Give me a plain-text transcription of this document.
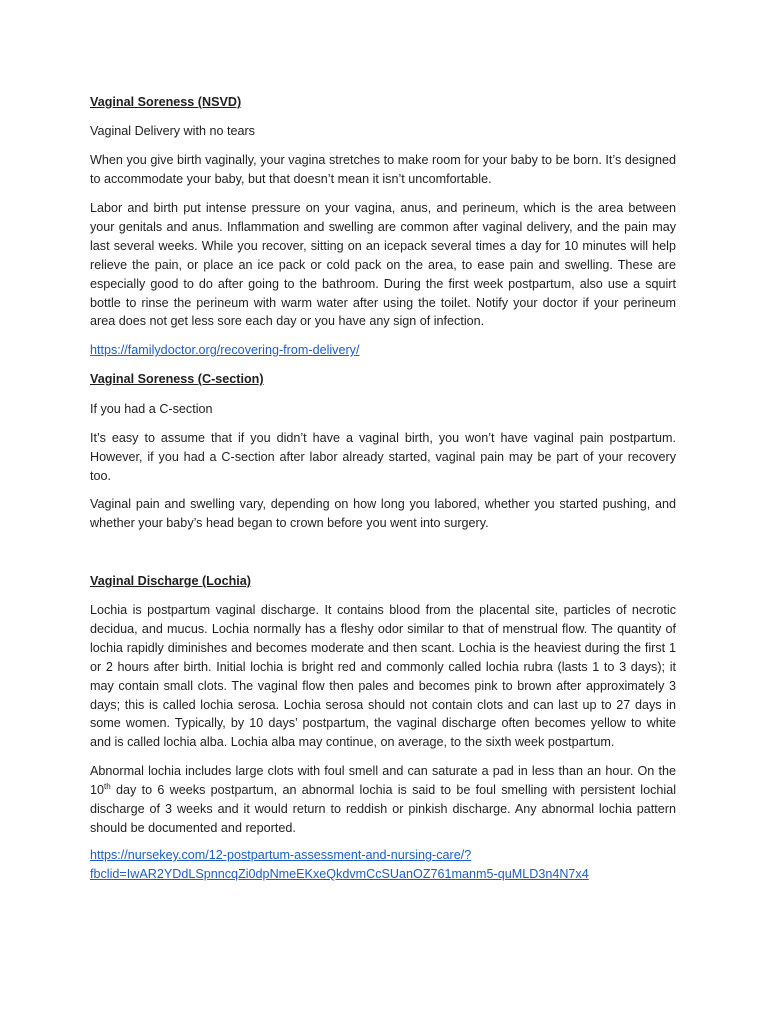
Vaginal Soreness (NSVD)
Vaginal Delivery with no tears
When you give birth vaginally, your vagina stretches to make room for your baby to be born. It’s designed to accommodate your baby, but that doesn’t mean it isn’t uncomfortable.
Labor and birth put intense pressure on your vagina, anus, and perineum, which is the area between your genitals and anus. Inflammation and swelling are common after vaginal delivery, and the pain may last several weeks. While you recover, sitting on an icepack several times a day for 10 minutes will help relieve the pain, or place an ice pack or cold pack on the area, to ease pain and swelling. These are especially good to do after going to the bathroom. During the first week postpartum, also use a squirt bottle to rinse the perineum with warm water after using the toilet. Notify your doctor if your perineum area does not get less sore each day or you have any sign of infection.
https://familydoctor.org/recovering-from-delivery/
Vaginal Soreness (C-section)
If you had a C-section
It’s easy to assume that if you didn’t have a vaginal birth, you won’t have vaginal pain postpartum. However, if you had a C-section after labor already started, vaginal pain may be part of your recovery too.
Vaginal pain and swelling vary, depending on how long you labored, whether you started pushing, and whether your baby’s head began to crown before you went into surgery.
Vaginal Discharge (Lochia)
Lochia is postpartum vaginal discharge. It contains blood from the placental site, particles of necrotic decidua, and mucus. Lochia normally has a fleshy odor similar to that of menstrual flow. The quantity of lochia rapidly diminishes and becomes moderate and then scant. Lochia is the heaviest during the first 1 or 2 hours after birth. Initial lochia is bright red and commonly called lochia rubra (lasts 1 to 3 days); it may contain small clots. The vaginal flow then pales and becomes pink to brown after approximately 3 days; this is called lochia serosa. Lochia serosa should not contain clots and can last up to 27 days in some women. Typically, by 10 days’ postpartum, the vaginal discharge often becomes yellow to white and is called lochia alba. Lochia alba may continue, on average, to the sixth week postpartum.
Abnormal lochia includes large clots with foul smell and can saturate a pad in less than an hour. On the 10th day to 6 weeks postpartum, an abnormal lochia is said to be foul smelling with persistent lochial discharge of 3 weeks and it would return to reddish or pinkish discharge. Any abnormal lochia pattern should be documented and reported.
https://nursekey.com/12-postpartum-assessment-and-nursing-care/?
fbclid=IwAR2YDdLSpnncqZi0dpNmeEKxeQkdvmCcSUanOZ761manm5-quMLD3n4N7x4
